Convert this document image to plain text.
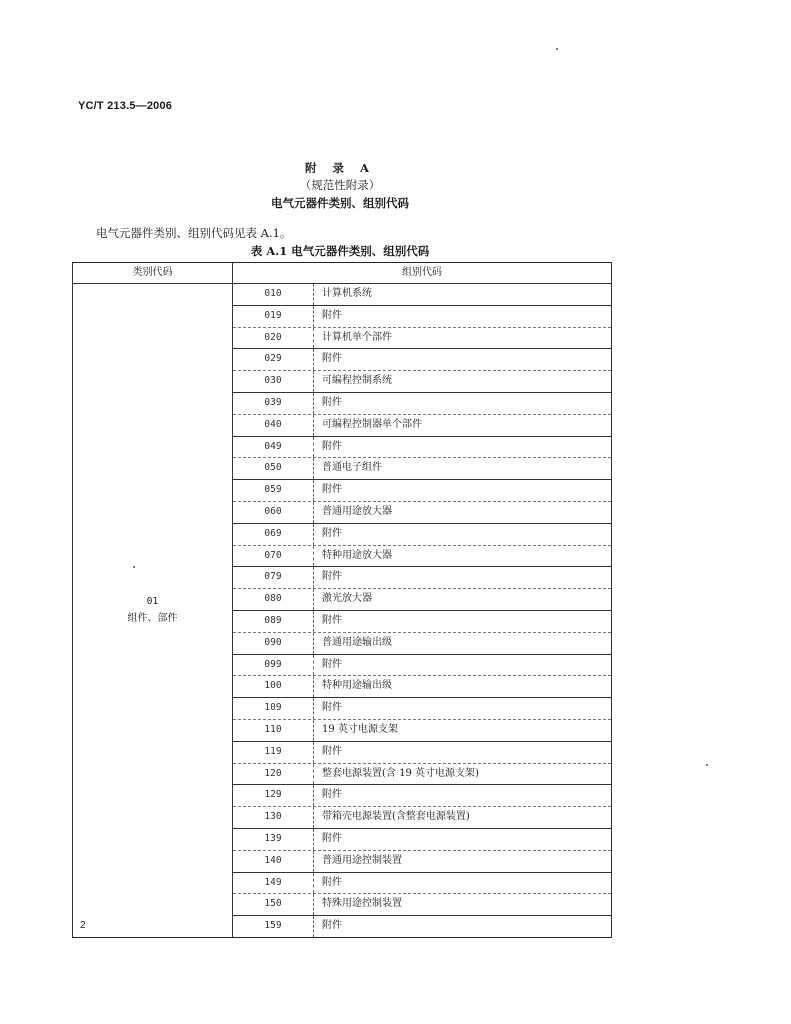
YC/T 213.5—2006
附 录 A
（规范性附录）
电气元器件类别、组别代码
电气元器件类别、组别代码见表 A.1。
表 A.1 电气元器件类别、组别代码
类别代码	组别代码
01
组件、部件
010	计算机系统
019	附件
020	计算机单个部件
029	附件
030	可编程控制系统
039	附件
040	可编程控制器单个部件
049	附件
050	普通电子组件
059	附件
060	普通用途放大器
069	附件
070	特种用途放大器
079	附件
080	激光放大器
089	附件
090	普通用途输出级
099	附件
100	特种用途输出级
109	附件
110	19 英寸电源支架
119	附件
120	整套电源装置(含 19 英寸电源支架)
129	附件
130	带箱壳电源装置(含整套电源装置)
139	附件
140	普通用途控制装置
149	附件
150	特殊用途控制装置
159	附件
2
